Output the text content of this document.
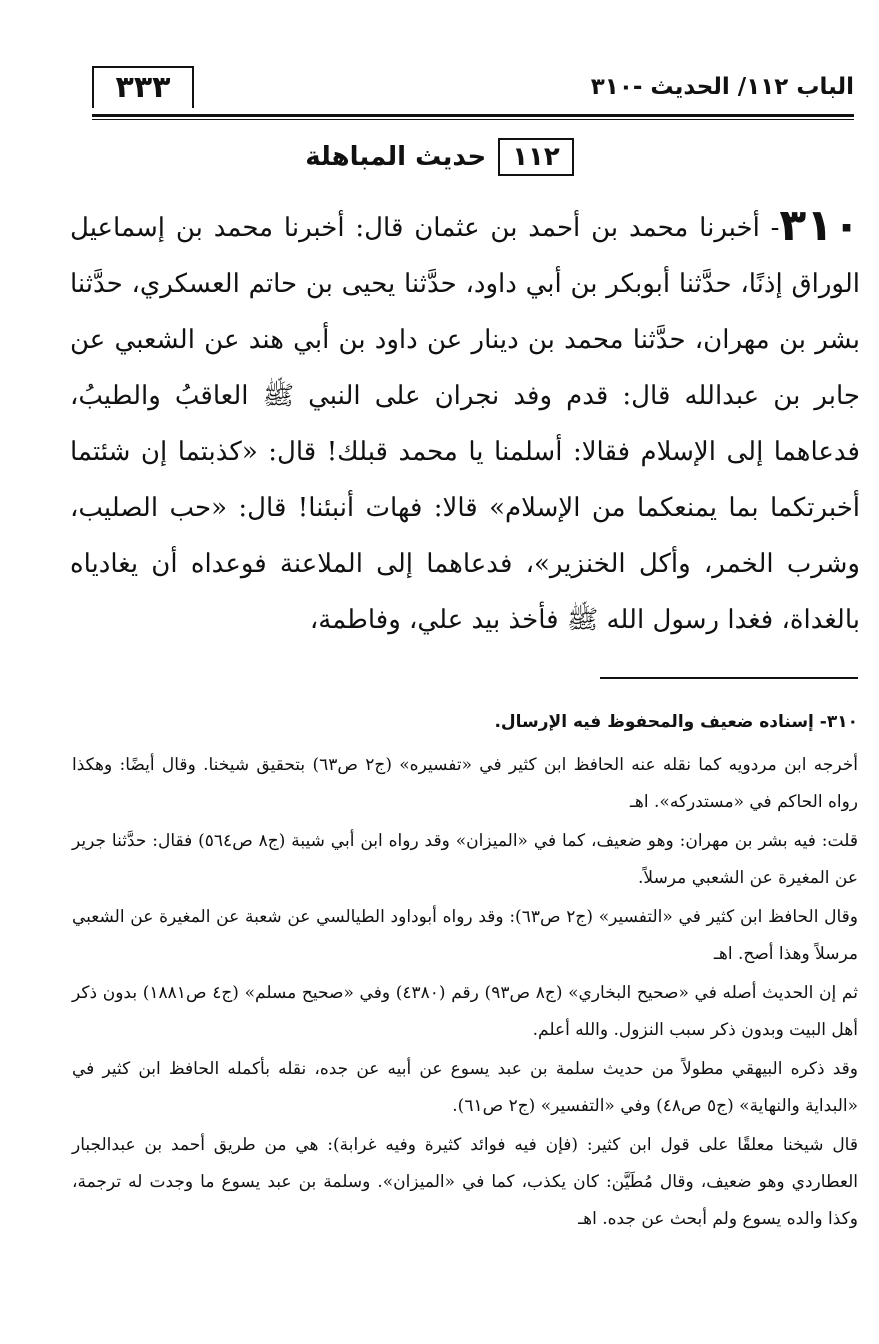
٣٣٣	الباب ١١٢/ الحديث -٣١٠
١١٢حديث المباهلة
٣١٠- أخبرنا محمد بن أحمد بن عثمان قال: أخبرنا محمد بن إسماعيل الوراق إذنًا، حدَّثنا أبوبكر بن أبي داود، حدَّثنا يحيى بن حاتم العسكري، حدَّثنا بشر بن مهران، حدَّثنا محمد بن دينار عن داود بن أبي هند عن الشعبي عن جابر بن عبدالله قال: قدم وفد نجران على النبي ﷺ العاقبُ والطيبُ، فدعاهما إلى الإسلام فقالا: أسلمنا يا محمد قبلك! قال: «كذبتما إن شئتما أخبرتكما بما يمنعكما من الإسلام» قالا: فهات أنبئنا! قال: «حب الصليب، وشرب الخمر، وأكل الخنزير»، فدعاهما إلى الملاعنة فوعداه أن يغادياه بالغداة، فغدا رسول الله ﷺ فأخذ بيد علي، وفاطمة،

٣١٠- إسناده ضعيف والمحفوظ فيه الإرسال.

أخرجه ابن مردويه كما نقله عنه الحافظ ابن كثير في «تفسيره» (ج٢ ص٦٣) بتحقيق شيخنا. وقال أيضًا: وهكذا رواه الحاكم في «مستدركه». اهـ

قلت: فيه بشر بن مهران: وهو ضعيف، كما في «الميزان» وقد رواه ابن أبي شيبة (ج٨ ص٥٦٤) فقال: حدَّثنا جرير عن المغيرة عن الشعبي مرسلاً.

وقال الحافظ ابن كثير في «التفسير» (ج٢ ص٦٣): وقد رواه أبوداود الطيالسي عن شعبة عن المغيرة عن الشعبي مرسلاً وهذا أصح. اهـ

ثم إن الحديث أصله في «صحيح البخاري» (ج٨ ص٩٣) رقم (٤٣٨٠) وفي «صحيح مسلم» (ج٤ ص١٨٨١) بدون ذكر أهل البيت وبدون ذكر سبب النزول. والله أعلم.

وقد ذكره البيهقي مطولاً من حديث سلمة بن عبد يسوع عن أبيه عن جده، نقله بأكمله الحافظ ابن كثير في «البداية والنهاية» (ج٥ ص٤٨) وفي «التفسير» (ج٢ ص٦١).

قال شيخنا معلقًا على قول ابن كثير: (فإن فيه فوائد كثيرة وفيه غرابة): هي من طريق أحمد بن عبدالجبار العطاردي وهو ضعيف، وقال مُطَيَّن: كان يكذب، كما في «الميزان». وسلمة بن عبد يسوع ما وجدت له ترجمة، وكذا والده يسوع ولم أبحث عن جده. اهـ
